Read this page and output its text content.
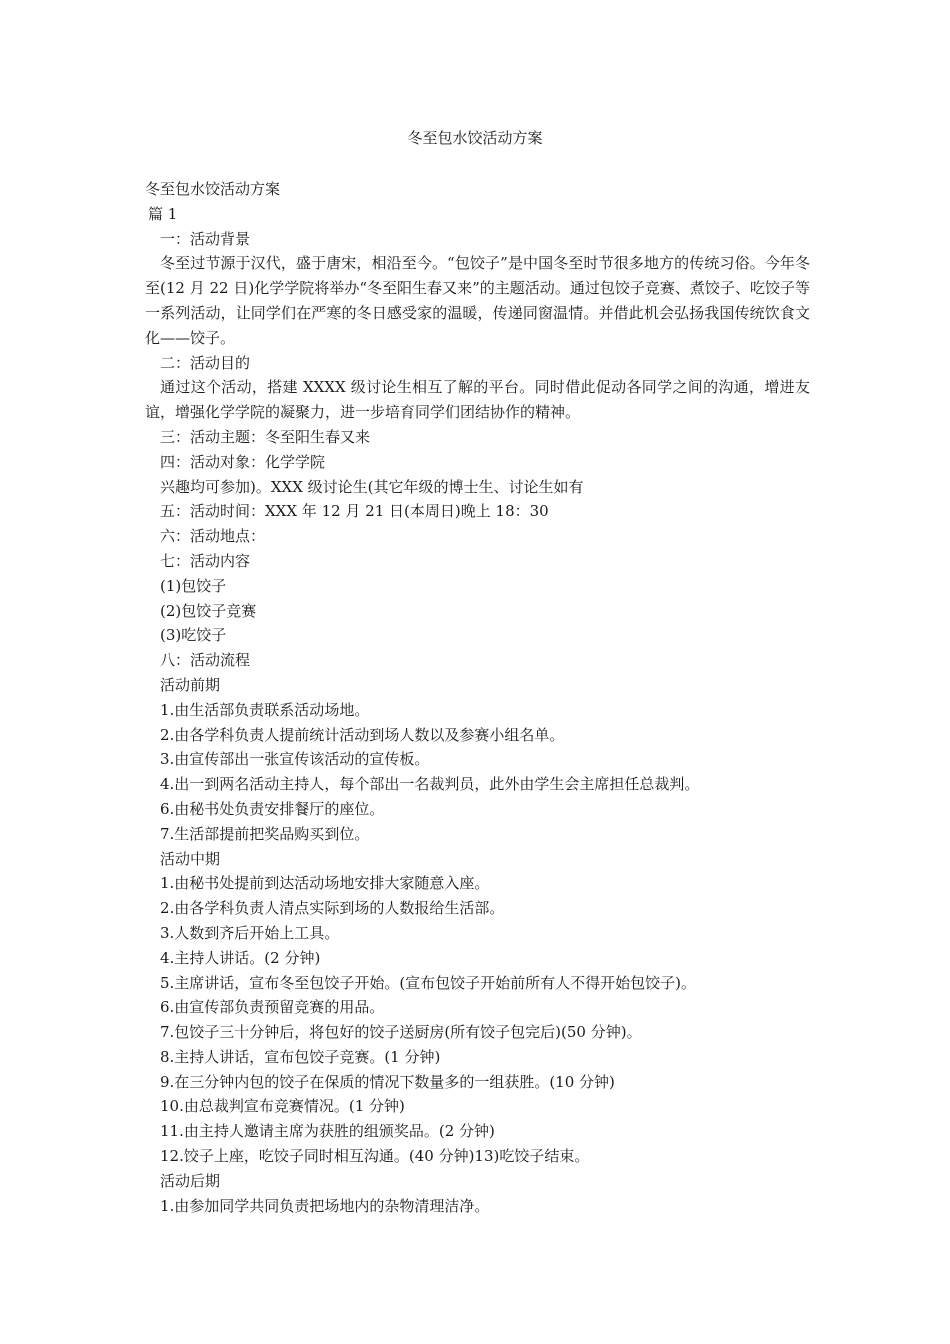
冬至包水饺活动方案

冬至包水饺活动方案

篇 1

一：活动背景

冬至过节源于汉代，盛于唐宋，相沿至今。“包饺子”是中国冬至时节很多地方的传统习俗。今年冬至(12 月 22 日)化学学院将举办“冬至阳生春又来”的主题活动。通过包饺子竞赛、煮饺子、吃饺子等一系列活动，让同学们在严寒的冬日感受家的温暖，传递同窗温情。并借此机会弘扬我国传统饮食文化——饺子。

二：活动目的

通过这个活动，搭建 XXXX 级讨论生相互了解的平台。同时借此促动各同学之间的沟通，增进友谊，增强化学学院的凝聚力，进一步培育同学们团结协作的精神。

三：活动主题：冬至阳生春又来

四：活动对象：化学学院

兴趣均可参加)。XXX 级讨论生(其它年级的博士生、讨论生如有

五：活动时间：XXX 年 12 月 21 日(本周日)晚上 18：30

六：活动地点：

七：活动内容

(1)包饺子

(2)包饺子竞赛

(3)吃饺子

八：活动流程

活动前期

1.由生活部负责联系活动场地。

2.由各学科负责人提前统计活动到场人数以及参赛小组名单。

3.由宣传部出一张宣传该活动的宣传板。

4.出一到两名活动主持人，每个部出一名裁判员，此外由学生会主席担任总裁判。

6.由秘书处负责安排餐厅的座位。

7.生活部提前把奖品购买到位。

活动中期

1.由秘书处提前到达活动场地安排大家随意入座。

2.由各学科负责人清点实际到场的人数报给生活部。

3.人数到齐后开始上工具。

4.主持人讲话。(2 分钟)

5.主席讲话，宣布冬至包饺子开始。(宣布包饺子开始前所有人不得开始包饺子)。

6.由宣传部负责预留竞赛的用品。

7.包饺子三十分钟后，将包好的饺子送厨房(所有饺子包完后)(50 分钟)。

8.主持人讲话，宣布包饺子竞赛。(1 分钟)

9.在三分钟内包的饺子在保质的情况下数量多的一组获胜。(10 分钟)

10.由总裁判宣布竞赛情况。(1 分钟)

11.由主持人邀请主席为获胜的组颁奖品。(2 分钟)

12.饺子上座，吃饺子同时相互沟通。(40 分钟)13)吃饺子结束。

活动后期

1.由参加同学共同负责把场地内的杂物清理洁净。
